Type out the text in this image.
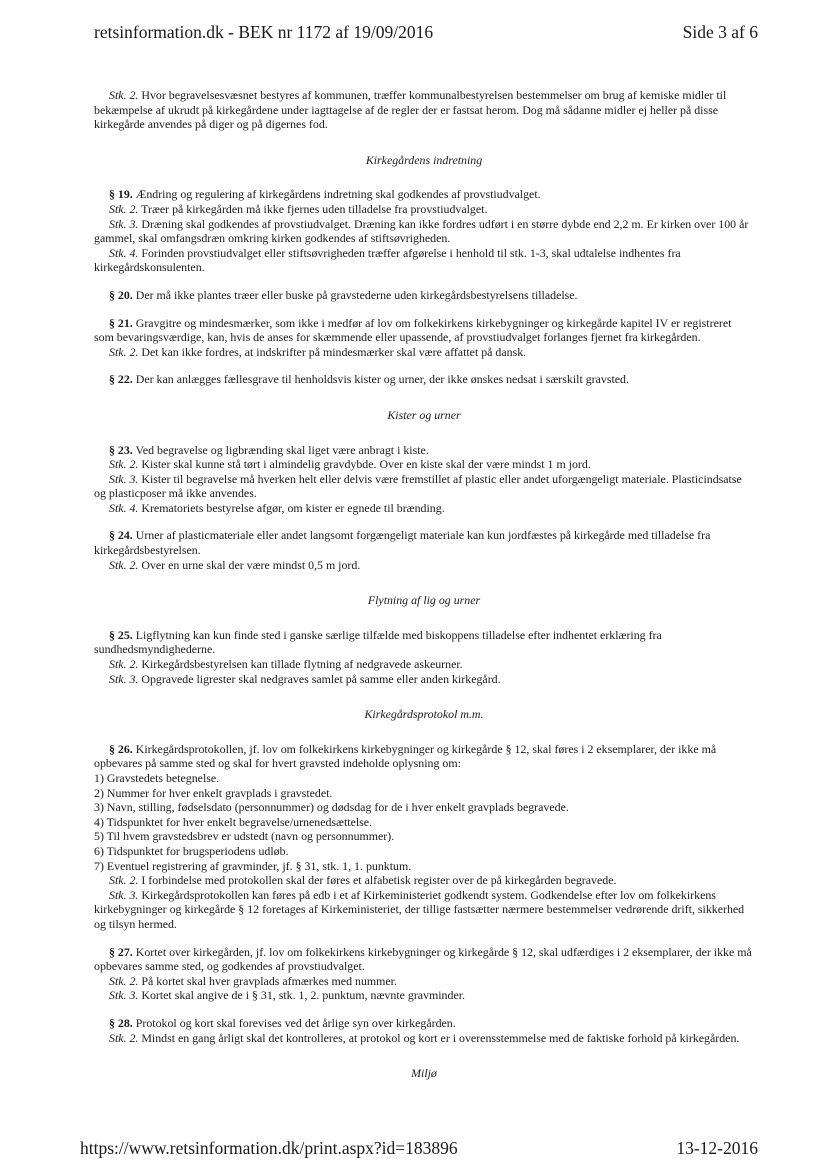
retsinformation.dk - BEK nr 1172 af 19/09/2016	Side 3 af 6

Stk. 2. Hvor begravelsesvæsnet bestyres af kommunen, træffer kommunalbestyrelsen bestemmelser om brug af kemiske midler til bekæmpelse af ukrudt på kirkegårdene under iagttagelse af de regler der er fastsat herom. Dog må sådanne midler ej heller på disse kirkegårde anvendes på diger og på digernes fod.

Kirkegårdens indretning

§ 19. Ændring og regulering af kirkegårdens indretning skal godkendes af provstiudvalget.

Stk. 2. Træer på kirkegården må ikke fjernes uden tilladelse fra provstiudvalget.

Stk. 3. Dræning skal godkendes af provstiudvalget. Dræning kan ikke fordres udført i en større dybde end 2,2 m. Er kirken over 100 år gammel, skal omfangsdræn omkring kirken godkendes af stiftsøvrigheden.

Stk. 4. Forinden provstiudvalget eller stiftsøvrigheden træffer afgørelse i henhold til stk. 1-3, skal udtalelse indhentes fra kirkegårdskonsulenten.

§ 20. Der må ikke plantes træer eller buske på gravstederne uden kirkegårdsbestyrelsens tilladelse.

§ 21. Gravgitre og mindesmærker, som ikke i medfør af lov om folkekirkens kirkebygninger og kirkegårde kapitel IV er registreret som bevaringsværdige, kan, hvis de anses for skæmmende eller upassende, af provstiudvalget forlanges fjernet fra kirkegården.

Stk. 2. Det kan ikke fordres, at indskrifter på mindesmærker skal være affattet på dansk.

§ 22. Der kan anlægges fællesgrave til henholdsvis kister og urner, der ikke ønskes nedsat i særskilt gravsted.

Kister og urner

§ 23. Ved begravelse og ligbrænding skal liget være anbragt i kiste.

Stk. 2. Kister skal kunne stå tørt i almindelig gravdybde. Over en kiste skal der være mindst 1 m jord.

Stk. 3. Kister til begravelse må hverken helt eller delvis være fremstillet af plastic eller andet uforgængeligt materiale. Plasticindsatse og plasticposer må ikke anvendes.

Stk. 4. Krematoriets bestyrelse afgør, om kister er egnede til brænding.

§ 24. Urner af plasticmateriale eller andet langsomt forgængeligt materiale kan kun jordfæstes på kirkegårde med tilladelse fra kirkegårdsbestyrelsen.

Stk. 2. Over en urne skal der være mindst 0,5 m jord.

Flytning af lig og urner

§ 25. Ligflytning kan kun finde sted i ganske særlige tilfælde med biskoppens tilladelse efter indhentet erklæring fra sundhedsmyndighederne.

Stk. 2. Kirkegårdsbestyrelsen kan tillade flytning af nedgravede askeurner.

Stk. 3. Opgravede ligrester skal nedgraves samlet på samme eller anden kirkegård.

Kirkegårdsprotokol m.m.

§ 26. Kirkegårdsprotokollen, jf. lov om folkekirkens kirkebygninger og kirkegårde § 12, skal føres i 2 eksemplarer, der ikke må opbevares på samme sted og skal for hvert gravsted indeholde oplysning om:

1) Gravstedets betegnelse.

2) Nummer for hver enkelt gravplads i gravstedet.

3) Navn, stilling, fødselsdato (personnummer) og dødsdag for de i hver enkelt gravplads begravede.

4) Tidspunktet for hver enkelt begravelse/urnenedsættelse.

5) Til hvem gravstedsbrev er udstedt (navn og personnummer).

6) Tidspunktet for brugsperiodens udløb.

7) Eventuel registrering af gravminder, jf. § 31, stk. 1, 1. punktum.

Stk. 2. I forbindelse med protokollen skal der føres et alfabetisk register over de på kirkegården begravede.

Stk. 3. Kirkegårdsprotokollen kan føres på edb i et af Kirkeministeriet godkendt system. Godkendelse efter lov om folkekirkens kirkebygninger og kirkegårde § 12 foretages af Kirkeministeriet, der tillige fastsætter nærmere bestemmelser vedrørende drift, sikkerhed og tilsyn hermed.

§ 27. Kortet over kirkegården, jf. lov om folkekirkens kirkebygninger og kirkegårde § 12, skal udfærdiges i 2 eksemplarer, der ikke må opbevares samme sted, og godkendes af provstiudvalget.

Stk. 2. På kortet skal hver gravplads afmærkes med nummer.

Stk. 3. Kortet skal angive de i § 31, stk. 1, 2. punktum, nævnte gravminder.

§ 28. Protokol og kort skal forevises ved det årlige syn over kirkegården.

Stk. 2. Mindst en gang årligt skal det kontrolleres, at protokol og kort er i overensstemmelse med de faktiske forhold på kirkegården.

Miljø
https://www.retsinformation.dk/print.aspx?id=183896	13-12-2016
